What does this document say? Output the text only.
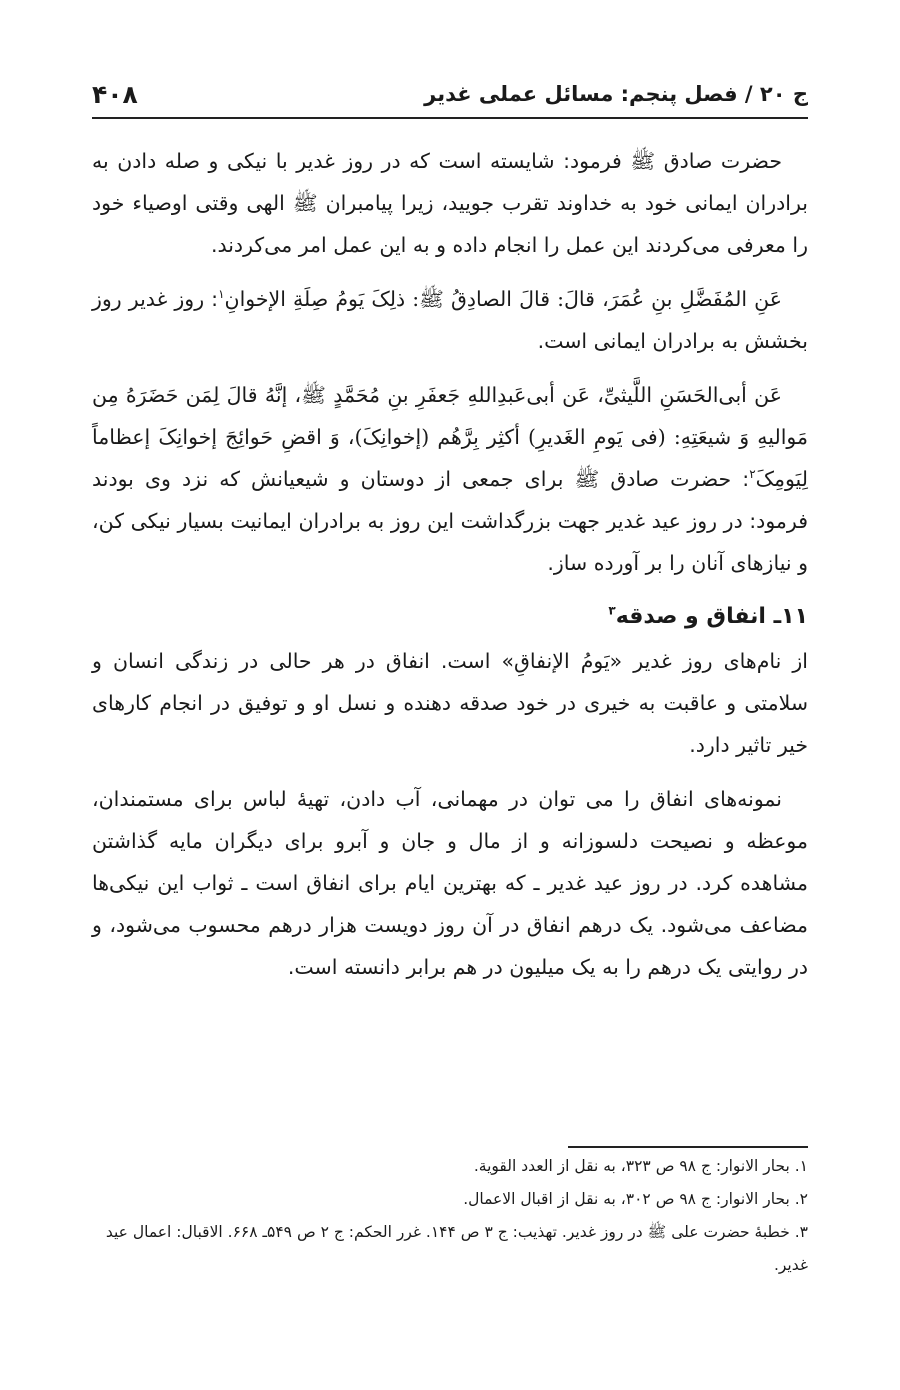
ج ۲۰ / فصل پنجم: مسائل عملی غدیر
۴۰۸

حضرت صادق ﷺ فرمود: شایسته است که در روز غدیر با نیکی و صله دادن به برادران ایمانی خود به خداوند تقرب جویید، زیرا پیامبران ﷺ الهی وقتی اوصیاء خود را معرفی می‌کردند این عمل را انجام داده و به این عمل امر می‌کردند.

عَنِ المُفَضَّلِ بنِ عُمَرَ، قالَ: قالَ الصادِقُ ﷺ: ذلِکَ یَومُ صِلَةِ الإخوانِ$^۱$: روز غدیر روز بخشش به برادران ایمانی است.

عَن أبی‌الحَسَنِ اللَّیثیِّ، عَن أبی‌عَبدِاللهِ جَعفَرِ بنِ مُحَمَّدٍ ﷺ، إنَّهُ قالَ لِمَن حَضَرَهُ مِن مَوالیهِ وَ شیعَتِهِ: (فی یَومِ الغَدیرِ) أکثِر بِرَّهُم (إخوانِکَ)، وَ اقضِ حَوائِجَ إخوانِکَ إعظاماً لِیَومِکَ$^۲$: حضرت صادق ﷺ برای جمعی از دوستان و شیعیانش که نزد وی بودند فرمود: در روز عید غدیر جهت بزرگداشت این روز به برادران ایمانیت بسیار نیکی کن، و نیازهای آنان را بر آورده ساز.

۱۱ـ انفاق و صدقه$^۳$

از نام‌های روز غدیر «یَومُ الإنفاقِ» است. انفاق در هر حالی در زندگی انسان و سلامتی و عاقبت به خیری در خود صدقه دهنده و نسل او و توفیق در انجام کارهای خیر تاثیر دارد.

نمونه‌های انفاق را می توان در مهمانی، آب دادن، تهیهٔ لباس برای مستمندان، موعظه و نصیحت دلسوزانه و از مال و جان و آبرو برای دیگران مایه گذاشتن مشاهده کرد. در روز عید غدیر ـ که بهترین ایام برای انفاق است ـ ثواب این نیکی‌ها مضاعف می‌شود. یک درهم انفاق در آن روز دویست هزار درهم محسوب می‌شود، و در روایتی یک درهم را به یک میلیون در هم برابر دانسته است.

۱. بحار الانوار: ج ۹۸ ص ۳۲۳، به نقل از العدد القویة.

۲. بحار الانوار: ج ۹۸ ص ۳۰۲، به نقل از اقبال الاعمال.

۳. خطبهٔ حضرت علی ﷺ در روز غدیر. تهذیب: ج ۳ ص ۱۴۴. غرر الحکم: ج ۲ ص ۵۴۹ـ ۶۶۸. الاقبال: اعمال عید غدیر.
